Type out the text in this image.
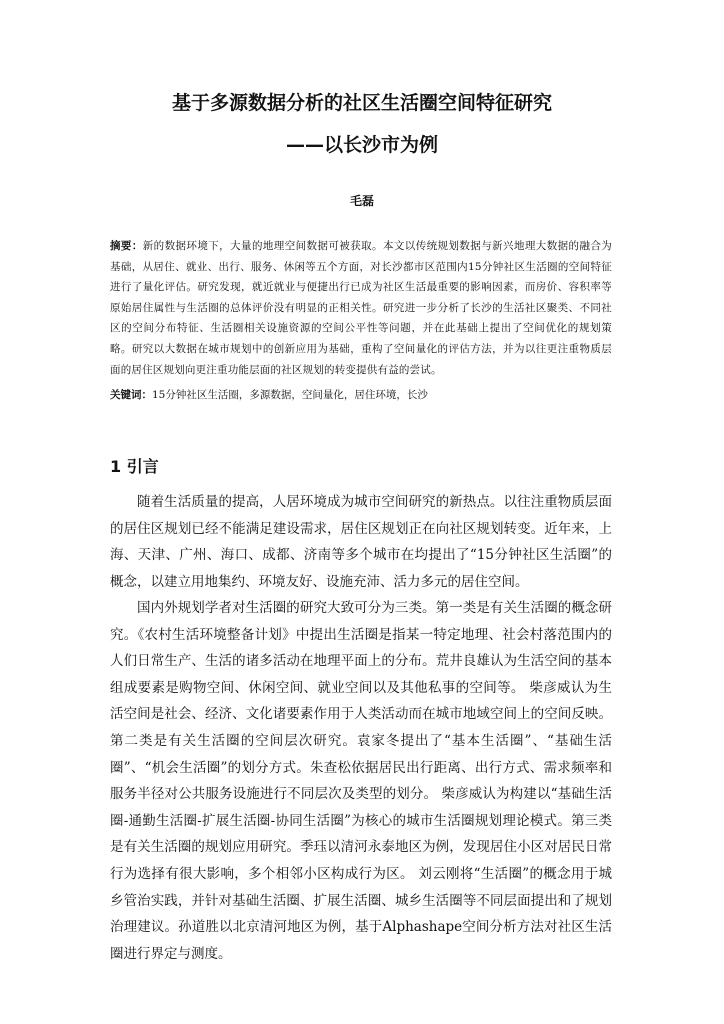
基于多源数据分析的社区生活圈空间特征研究
——以长沙市为例

毛磊

摘要：新的数据环境下，大量的地理空间数据可被获取。本文以传统规划数据与新兴地理大数据的融合为基础，从居住、就业、出行、服务、休闲等五个方面，对长沙都市区范围内15分钟社区生活圈的空间特征进行了量化评估。研究发现，就近就业与便捷出行已成为社区生活最重要的影响因素，而房价、容积率等原始居住属性与生活圈的总体评价没有明显的正相关性。研究进一步分析了长沙的生活社区聚类、不同社区的空间分布特征、生活圈相关设施资源的空间公平性等问题，并在此基础上提出了空间优化的规划策略。研究以大数据在城市规划中的创新应用为基础，重构了空间量化的评估方法，并为以往更注重物质层面的居住区规划向更注重功能层面的社区规划的转变提供有益的尝试。

关键词：15分钟社区生活圈，多源数据，空间量化，居住环境，长沙

1 引言

随着生活质量的提高，人居环境成为城市空间研究的新热点。以往注重物质层面的居住区规划已经不能满足建设需求，居住区规划正在向社区规划转变。近年来，上海、天津、广州、海口、成都、济南等多个城市在均提出了“15分钟社区生活圈”的概念，以建立用地集约、环境友好、设施充沛、活力多元的居住空间。

国内外规划学者对生活圈的研究大致可分为三类。第一类是有关生活圈的概念研究。《农村生活环境整备计划》中提出生活圈是指某一特定地理、社会村落范围内的人们日常生产、生活的诸多活动在地理平面上的分布。荒井良雄认为生活空间的基本组成要素是购物空间、休闲空间、就业空间以及其他私事的空间等。 柴彦威认为生活空间是社会、经济、文化诸要素作用于人类活动而在城市地域空间上的空间反映。第二类是有关生活圈的空间层次研究。袁家冬提出了“基本生活圈”、“基础生活圈”、“机会生活圈”的划分方式。朱查松依据居民出行距离、出行方式、需求频率和服务半径对公共服务设施进行不同层次及类型的划分。 柴彦威认为构建以“基础生活圈-通勤生活圈-扩展生活圈-协同生活圈”为核心的城市生活圈规划理论模式。第三类是有关生活圈的规划应用研究。季珏以清河永泰地区为例，发现居住小区对居民日常行为选择有很大影响，多个相邻小区构成行为区。 刘云刚将“生活圈”的概念用于城乡管治实践，并针对基础生活圈、扩展生活圈、城乡生活圈等不同层面提出和了规划治理建议。孙道胜以北京清河地区为例，基于Alphashape空间分析方法对社区生活圈进行界定与测度。
